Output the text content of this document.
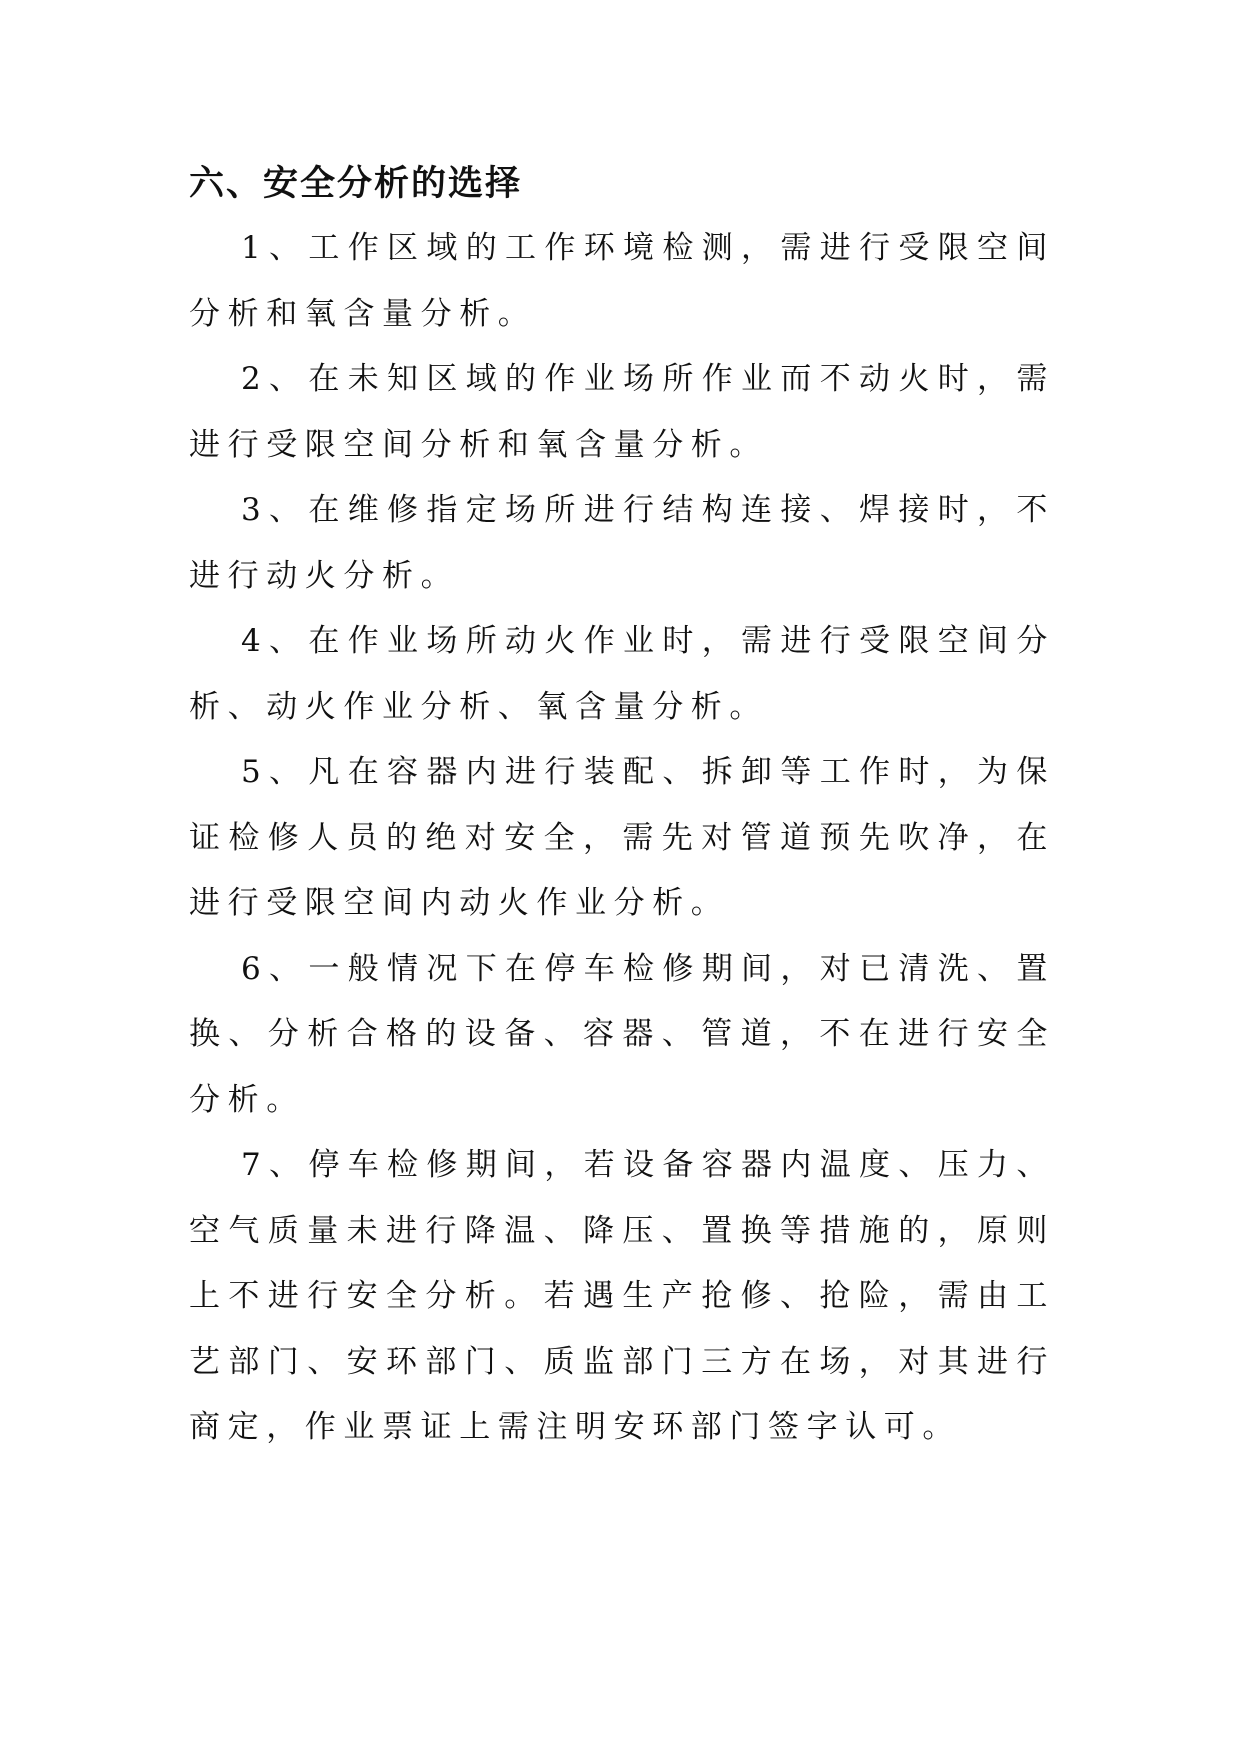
六、安全分析的选择

1、工作区域的工作环境检测，需进行受限空间分析和氧含量分析。

2、在未知区域的作业场所作业而不动火时，需进行受限空间分析和氧含量分析。

3、在维修指定场所进行结构连接、焊接时，不进行动火分析。

4、在作业场所动火作业时，需进行受限空间分析、动火作业分析、氧含量分析。

5、凡在容器内进行装配、拆卸等工作时，为保证检修人员的绝对安全，需先对管道预先吹净，在进行受限空间内动火作业分析。

6、一般情况下在停车检修期间，对已清洗、置换、分析合格的设备、容器、管道，不在进行安全分析。

7、停车检修期间，若设备容器内温度、压力、空气质量未进行降温、降压、置换等措施的，原则上不进行安全分析。若遇生产抢修、抢险，需由工艺部门、安环部门、质监部门三方在场，对其进行商定，作业票证上需注明安环部门签字认可。
